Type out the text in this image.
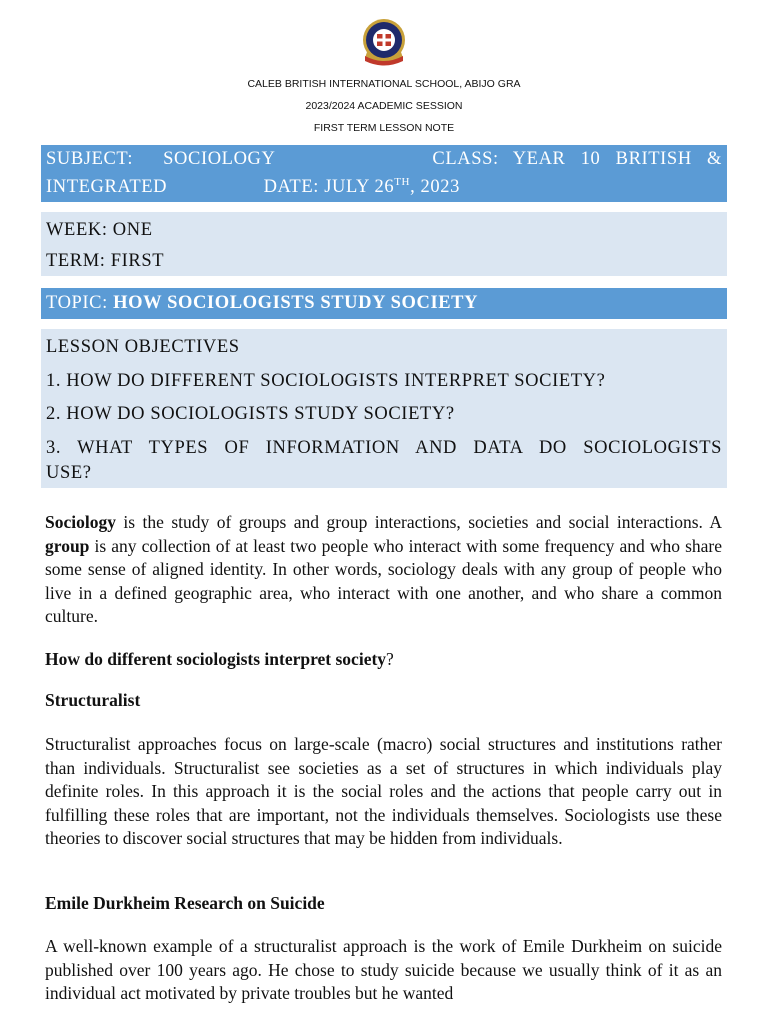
CALEB BRITISH INTERNATIONAL SCHOOL, ABIJO GRA
2023/2024 ACADEMIC SESSION
FIRST TERM LESSON NOTE
SUBJECT: SOCIOLOGY	CLASS: YEAR 10 BRITISH &
INTEGRATED	DATE: JULY 26TH, 2023
WEEK: ONE
TERM: FIRST
TOPIC: HOW SOCIOLOGISTS STUDY SOCIETY
LESSON OBJECTIVES
1. HOW DO DIFFERENT SOCIOLOGISTS INTERPRET SOCIETY?
2. HOW DO SOCIOLOGISTS STUDY SOCIETY?
3. WHAT TYPES OF INFORMATION AND DATA DO SOCIOLOGISTS
USE?

Sociology is the study of groups and group interactions, societies and social interactions. A group is any collection of at least two people who interact with some frequency and who share some sense of aligned identity. In other words, sociology deals with any group of people who live in a defined geographic area, who interact with one another, and who share a common culture.

How do different sociologists interpret society?

Structuralist

Structuralist approaches focus on large-scale (macro) social structures and institutions rather than individuals. Structuralist see societies as a set of structures in which individuals play definite roles. In this approach it is the social roles and the actions that people carry out in fulfilling these roles that are important, not the individuals themselves. Sociologists use these theories to discover social structures that may be hidden from individuals.

Emile Durkheim Research on Suicide

A well-known example of a structuralist approach is the work of Emile Durkheim on suicide published over 100 years ago. He chose to study suicide because we usually think of it as an individual act motivated by private troubles but he wanted
